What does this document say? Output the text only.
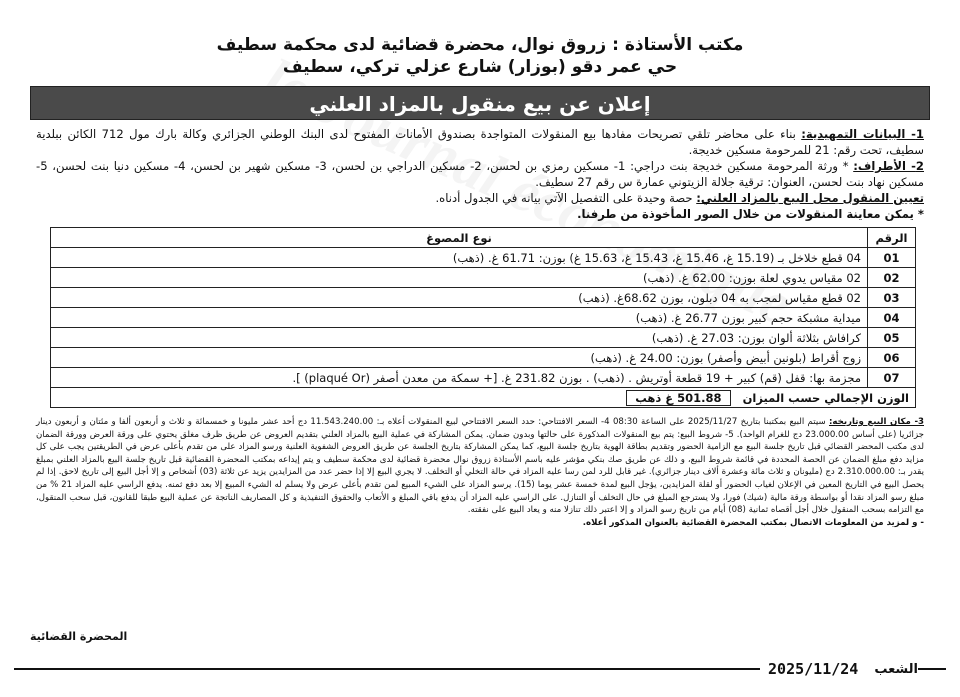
مكتب الأستاذة : زروق نوال، محضرة قضائية لدى محكمة سطيف
حي عمر دقو (بوزار) شارع عزلي تركي، سطيف
إعلان عن بيع منقول بالمزاد العلني

1- البيانات التمهيدية: بناء على محاضر تلقي تصريحات مفادها بيع المنقولات المتواجدة بصندوق الأمانات المفتوح لدى البنك الوطني الجزائري وكالة بارك مول 712 الكائن ببلدية سطيف، تحت رقم: 21 للمرحومة مسكين خديجة.

2- الأطراف: * ورثة المرحومة مسكين خديجة بنت دراجي: 1- مسكين رمزي بن لحسن، 2- مسكين الدراجي بن لحسن، 3- مسكين شهير بن لحسن، 4- مسكين دنيا بنت لحسن، 5- مسكين نهاد بنت لحسن، العنوان: ترقية جلالة الزيتوني عمارة س رقم 27 سطيف.

تعيين المنقول محل البيع بالمزاد العلني: حصة وحيدة على التفصيل الآتي بيانه في الجدول أدناه.

* يمكن معاينة المنقولات من خلال الصور المأخوذة من طرفنا.

الرقم	نوع المصوغ
01	04 قطع خلاخل بـ (15.19 غ، 15.46 غ، 15.43 غ، 15.63 غ) بوزن: 61.71 غ. (ذهب)
02	02 مقياس يدوي لعلة بوزن: 62.00 غ. (ذهب)
03	02 قطع مقياس لمجب به 04 دبلون، بوزن 68.62غ. (ذهب)
04	ميداية مشبكة حجم كبير بوزن 26.77 غ. (ذهب)
05	كرافاش بثلاثة ألوان بوزن: 27.03 غ. (ذهب)
06	زوج أقراط (بلونين أبيض وأصفر) بوزن: 24.00 غ. (ذهب)
07	مجزمة بها: قفل (قم) كبير + 19 قطعة أوتريش . (ذهب) . بوزن 231.82 غ. [+ سمكة من معدن أصفر (plaqué Or) ].
الوزن الإجمالي حسب الميزان 501.88 غ ذهب	

3- مكان البيع وتاريخه: سيتم البيع بمكتبنا بتاريخ 2025/11/27 على الساعة 08:30 4- السعر الافتتاحي: حدد السعر الافتتاحي لبيع المنقولات أعلاه بـ: 11.543.240.00 دج أحد عشر مليونا و خمسمائة و ثلاث و أربعون ألفا و مئتان و أربعون دينار جزائريا (على أساس 23.000.00 دج للغرام الواحد). 5- شروط البيع: يتم بيع المنقولات المذكورة على حالتها وبدون ضمان. يمكن المشاركة في عملية البيع بالمزاد العلني بتقديم العروض عن طريق ظرف مغلق يحتوي على ورقة العرض وورقة الضمان لدى مكتب المحضر القضائي قبل تاريخ جلسة البيع مع الزامية الحضور وتقديم بطاقة الهوية بتاريخ جلسة البيع، كما يمكن المشاركة بتاريخ الجلسة عن طريق العروض الشفوية العلنية ورسو المزاد على من تقدم بأعلى عرض في الطريقتين يجب على كل مزايد دفع مبلغ الضمان عن الحصة المحددة في قائمة شروط البيع، و ذلك عن طريق صك بنكي مؤشر عليه باسم الأستاذة زروق نوال محضرة قضائية لدى محكمة سطيف و يتم إيداعه بمكتب المحضرة القضائية قبل تاريخ جلسة البيع بالمزاد العلني بمبلغ يقدر بـ: 2.310.000.00 دج (مليونان و ثلاث مائة وعشرة ألاف دينار جزائري). غير قابل للرد لمن رسا عليه المزاد في حالة التخلي أو التخلف. لا يجري البيع إلا إذا حضر عدد من المزايدين يزيد عن ثلاثة (03) أشخاص و إلا أجل البيع إلى تاريخ لاحق. إذا لم يحصل البيع في التاريخ المعين في الإعلان لغياب الحضور أو لقلة المزايدين، يؤجل البيع لمدة خمسة عشر يوما (15). يرسو المزاد على الشيء المبيع لمن تقدم بأعلى عرض ولا يسلم له الشيء المبيع إلا بعد دفع ثمنه. يدفع الراسي عليه المزاد 21 % من مبلغ رسو المزاد نقدا أو بواسطة ورقة مالية (شيك) فورا، ولا يسترجع المبلغ في حال التخلف أو التنازل. على الراسي عليه المزاد أن يدفع باقي المبلغ و الأتعاب والحقوق التنفيذية و كل المصاريف الناتجة عن عملية البيع طبقا للقانون، قبل سحب المنقول، مع التزامه بسحب المنقول خلال أجل أقصاه ثمانية (08) أيام من تاريخ رسو المزاد و إلا اعتبر ذلك تنازلا منه و يعاد البيع على نفقته.

- و لمزيد من المعلومات الاتصال بمكتب المحضرة القضائية بالعنوان المذكور أعلاه.

المحضرة القضائية
الشعب
2025/11/24
